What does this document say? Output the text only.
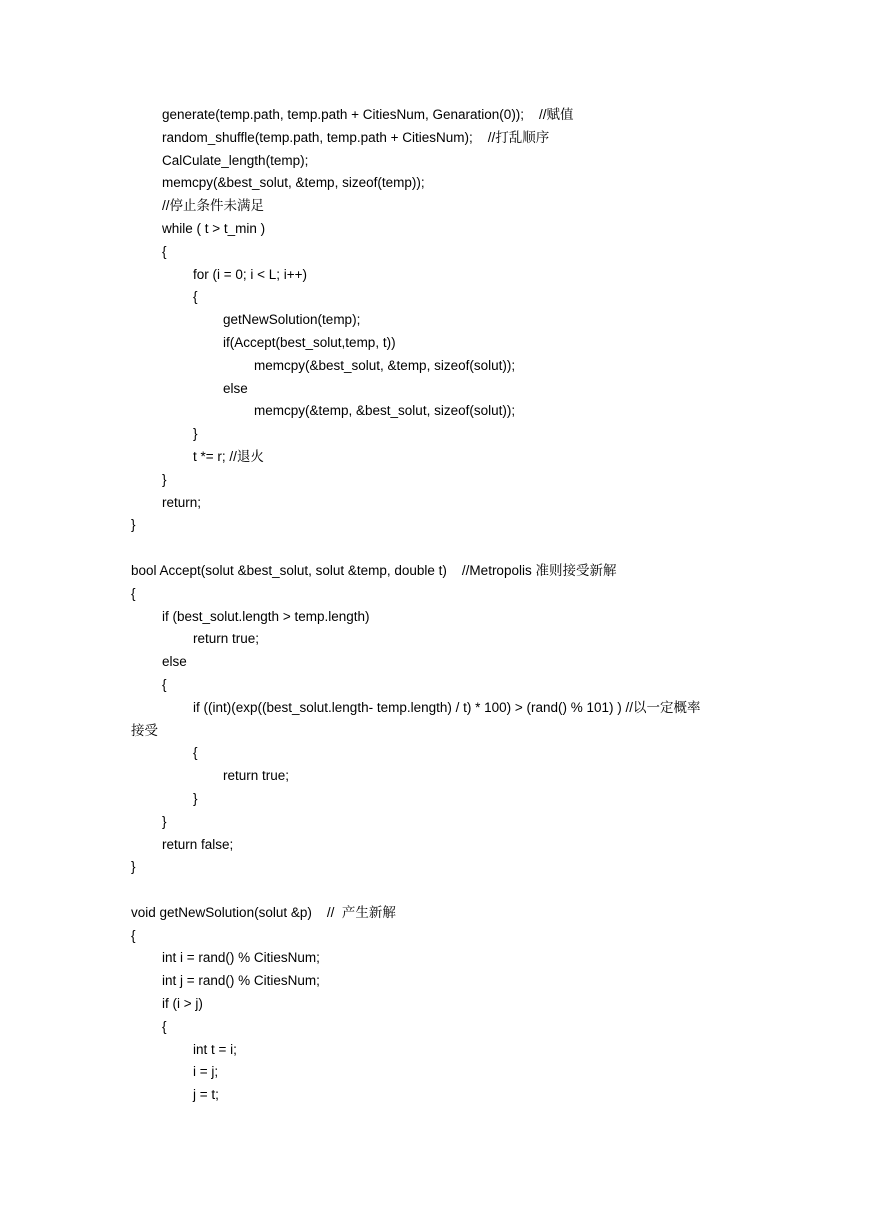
generate(temp.path, temp.path + CitiesNum, Genaration(0));    //赋值
random_shuffle(temp.path, temp.path + CitiesNum);    //打乱顺序
CalCulate_length(temp);
memcpy(&best_solut, &temp, sizeof(temp));
//停止条件未满足
while ( t > t_min )
{
for (i = 0; i < L; i++)
{
getNewSolution(temp);
if(Accept(best_solut,temp, t))
memcpy(&best_solut, &temp, sizeof(solut));
else
memcpy(&temp, &best_solut, sizeof(solut));
}
t *= r; //退火
}
return;
}
bool Accept(solut &best_solut, solut &temp, double t)    //Metropolis 准则接受新解
{
if (best_solut.length > temp.length)
return true;
else
{
if ((int)(exp((best_solut.length- temp.length) / t) * 100) > (rand() % 101) ) //以一定概率
接受
{
return true;
}
}
return false;
}
void getNewSolution(solut &p)    //  产生新解
{
int i = rand() % CitiesNum;
int j = rand() % CitiesNum;
if (i > j)
{
int t = i;
i = j;
j = t;
